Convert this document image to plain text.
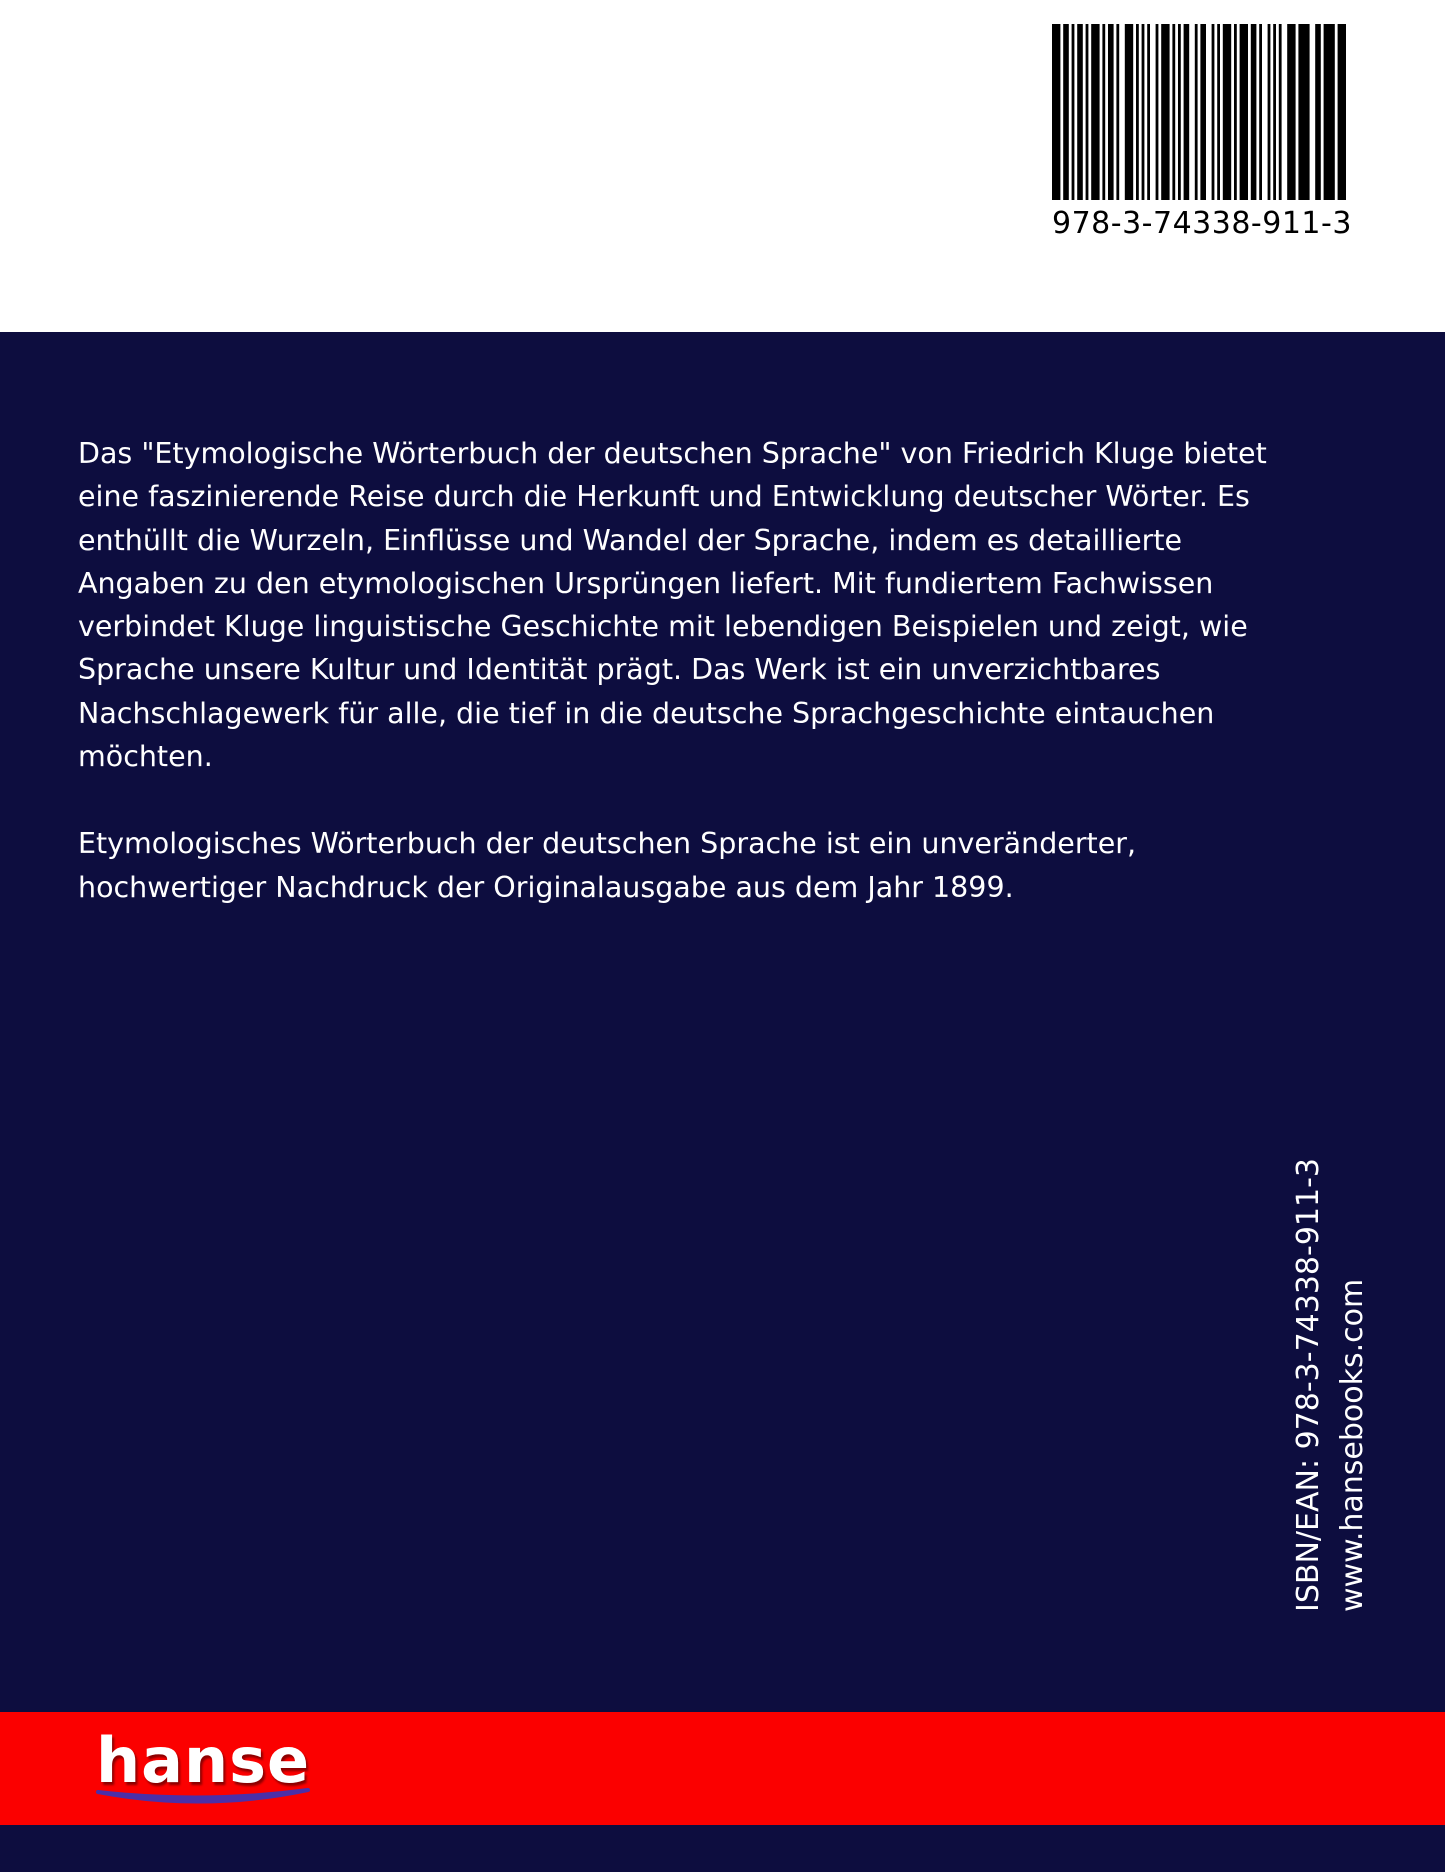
978-3-74338-911-3

Das "Etymologische Wörterbuch der deutschen Sprache" von Friedrich Kluge bietet
eine faszinierende Reise durch die Herkunft und Entwicklung deutscher Wörter. Es
enthüllt die Wurzeln, Einflüsse und Wandel der Sprache, indem es detaillierte
Angaben zu den etymologischen Ursprüngen liefert. Mit fundiertem Fachwissen
verbindet Kluge linguistische Geschichte mit lebendigen Beispielen und zeigt, wie
Sprache unsere Kultur und Identität prägt. Das Werk ist ein unverzichtbares
Nachschlagewerk für alle, die tief in die deutsche Sprachgeschichte eintauchen
möchten.

Etymologisches Wörterbuch der deutschen Sprache ist ein unveränderter,
hochwertiger Nachdruck der Originalausgabe aus dem Jahr 1899.

ISBN/EAN: 978-3-74338-911-3 www.hansebooks.com
hanse
